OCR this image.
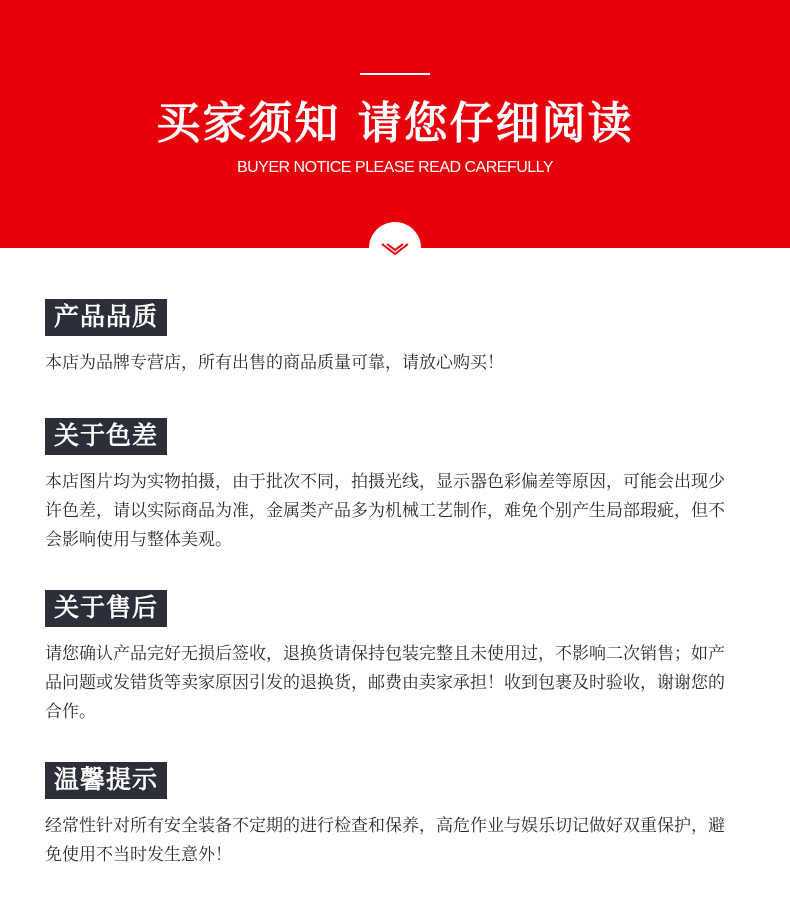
买家须知 请您仔细阅读
BUYER NOTICE PLEASE READ CAREFULLY
产品品质
本店为品牌专营店，所有出售的商品质量可靠，请放心购买！
关于色差
本店图片均为实物拍摄，由于批次不同，拍摄光线，显示器色彩偏差等原因，可能会出现少许色差，请以实际商品为准，金属类产品多为机械工艺制作，难免个别产生局部瑕疵，但不会影响使用与整体美观。
关于售后
请您确认产品完好无损后签收，退换货请保持包装完整且未使用过，不影响二次销售；如产品问题或发错货等卖家原因引发的退换货，邮费由卖家承担！收到包裹及时验收，谢谢您的合作。
温馨提示
经常性针对所有安全装备不定期的进行检查和保养，高危作业与娱乐切记做好双重保护，避免使用不当时发生意外！
